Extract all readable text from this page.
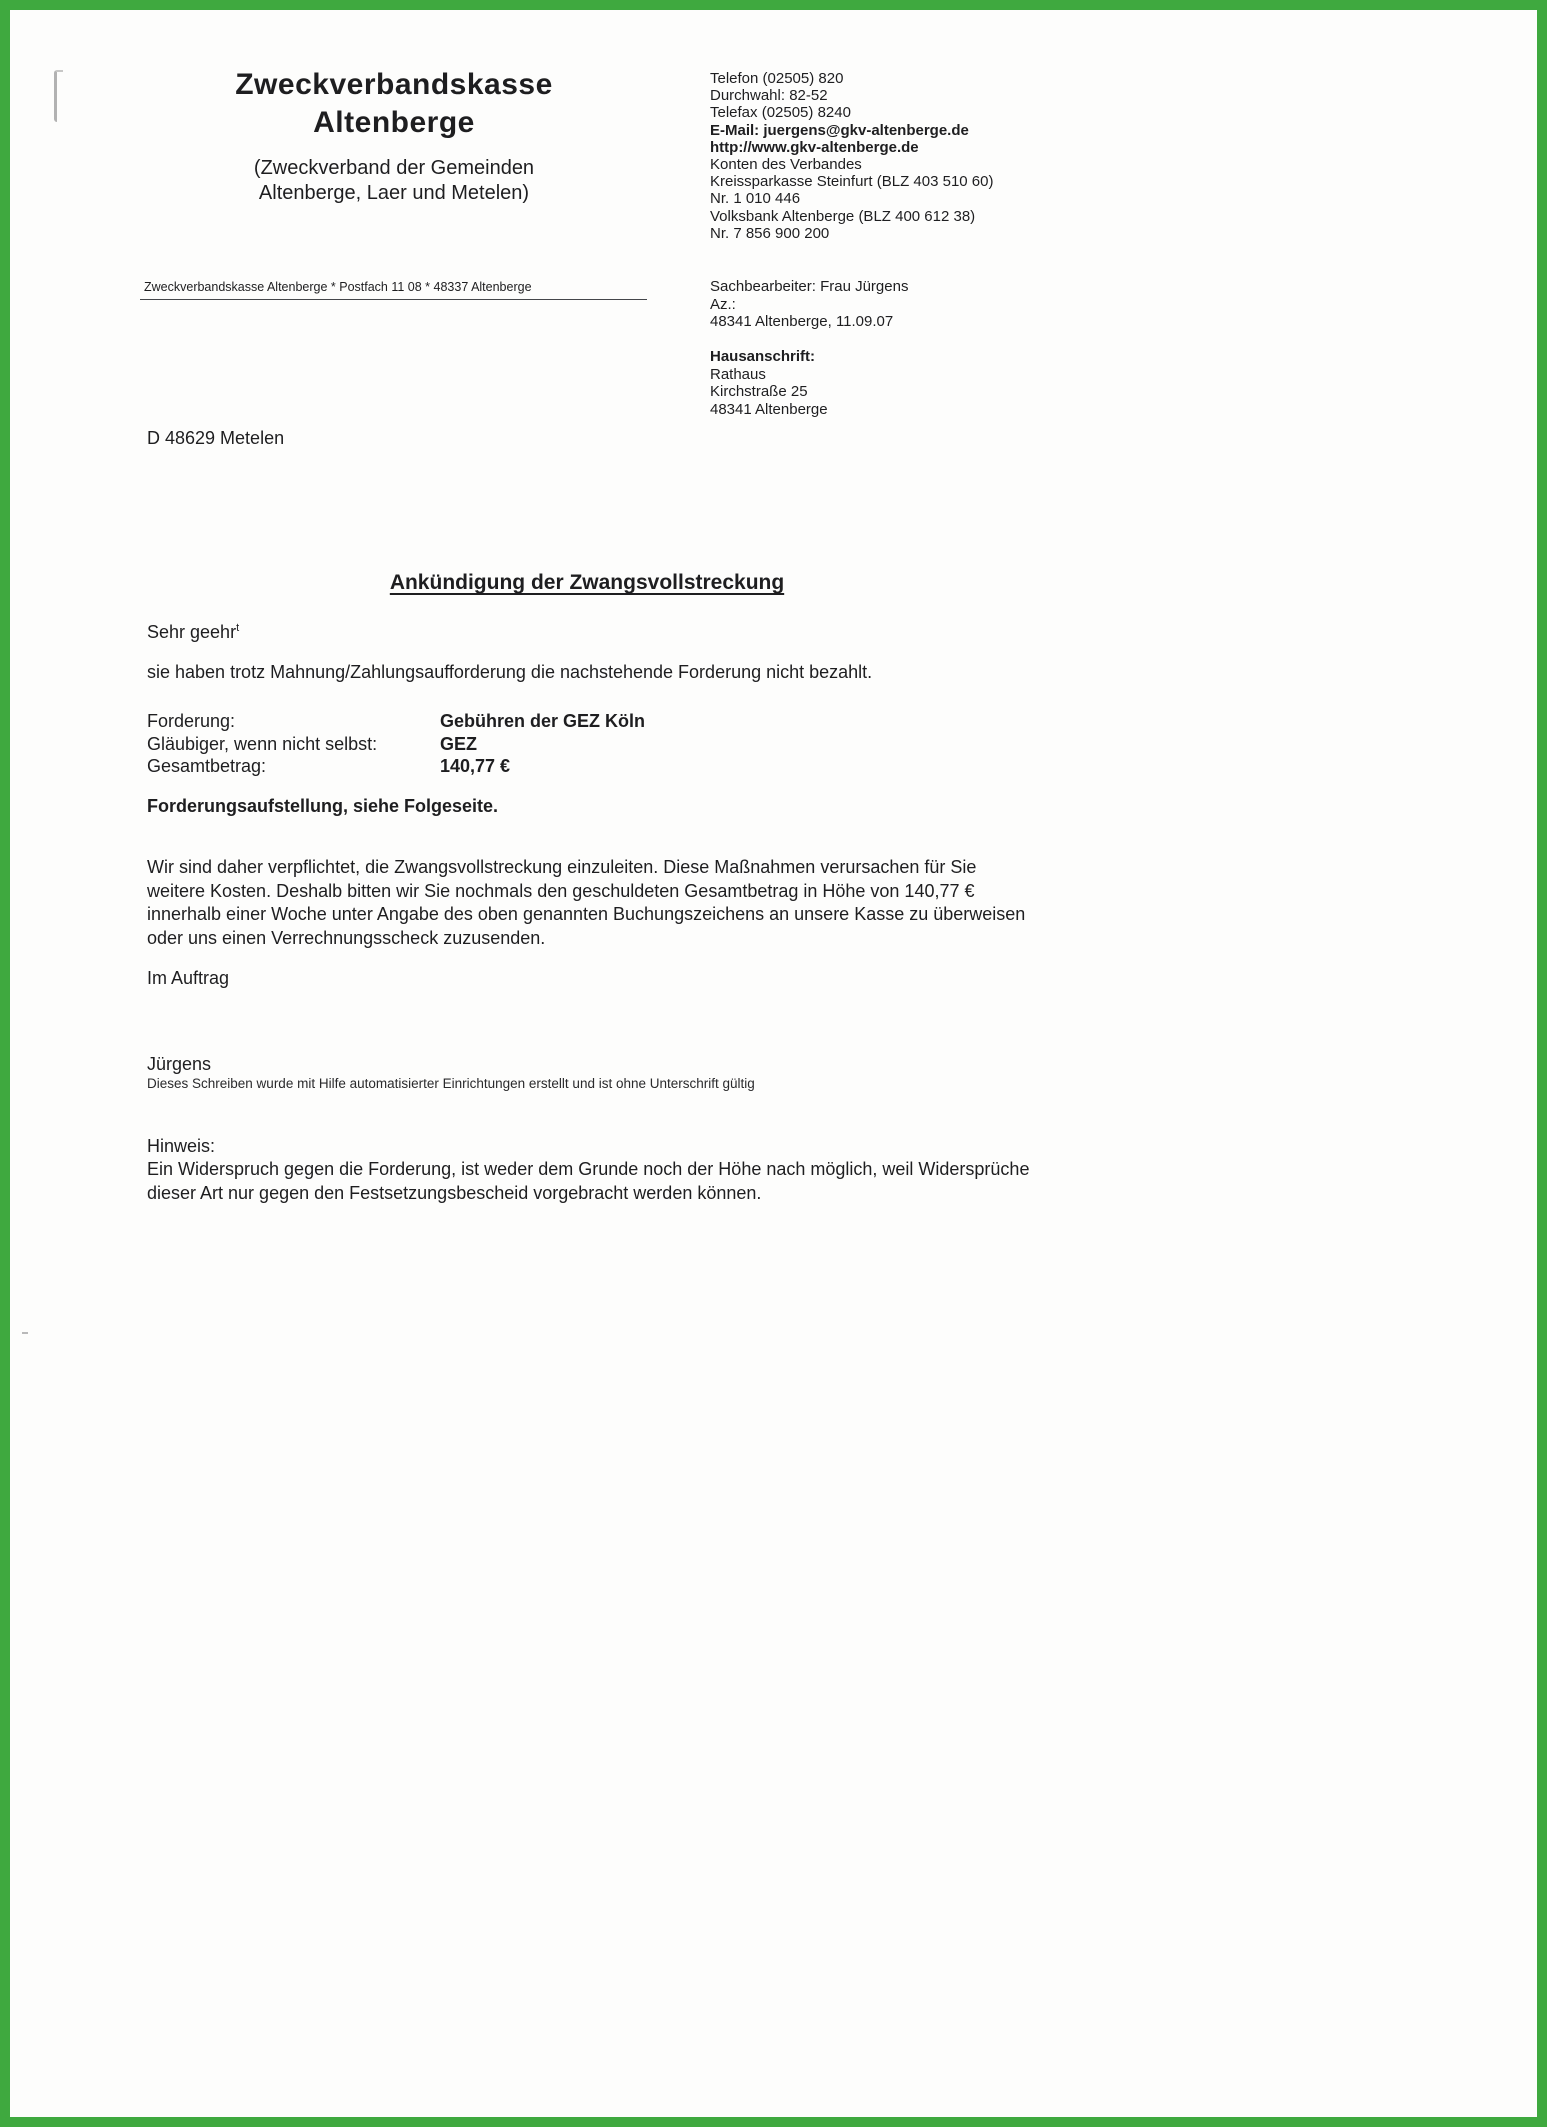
Zweckverbandskasse
Altenberge
(Zweckverband der Gemeinden
Altenberge, Laer und Metelen)
Telefon (02505) 820
Durchwahl: 82-52
Telefax (02505) 8240
E-Mail: juergens@gkv-altenberge.de
http://www.gkv-altenberge.de
Konten des Verbandes
Kreissparkasse Steinfurt (BLZ 403 510 60)
Nr. 1 010 446
Volksbank Altenberge (BLZ 400 612 38)
Nr. 7 856 900 200
Zweckverbandskasse Altenberge * Postfach 11 08 * 48337 Altenberge	Sachbearbeiter: Frau Jürgens
Az.:
48341 Altenberge, 11.09.07
Hausanschrift:
Rathaus
Kirchstraße 25
48341 Altenberge
D 48629 Metelen
Ankündigung der Zwangsvollstreckung
Sehr geehr$^t$
sie haben trotz Mahnung/Zahlungsaufforderung die nachstehende Forderung nicht bezahlt.
Forderung:	Gebühren der GEZ Köln
Gläubiger, wenn nicht selbst:	GEZ
Gesamtbetrag:	140,77 €
Forderungsaufstellung, siehe Folgeseite.
Wir sind daher verpflichtet, die Zwangsvollstreckung einzuleiten. Diese Maßnahmen verursachen für Sie weitere Kosten. Deshalb bitten wir Sie nochmals den geschuldeten Gesamtbetrag in Höhe von 140,77 € innerhalb einer Woche unter Angabe des oben genannten Buchungszeichens an unsere Kasse zu überweisen oder uns einen Verrechnungsscheck zuzusenden.
Im Auftrag
Jürgens
Dieses Schreiben wurde mit Hilfe automatisierter Einrichtungen erstellt und ist ohne Unterschrift gültig
Hinweis:
Ein Widerspruch gegen die Forderung, ist weder dem Grunde noch der Höhe nach möglich, weil Widersprüche dieser Art nur gegen den Festsetzungsbescheid vorgebracht werden können.
